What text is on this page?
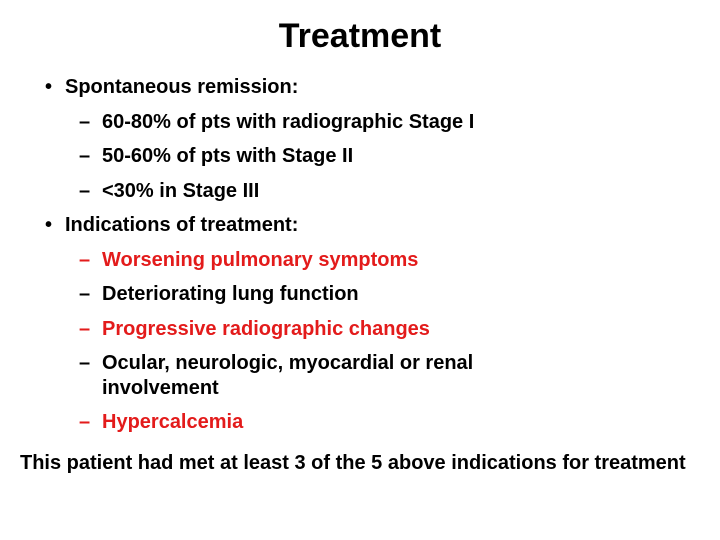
Treatment
• Spontaneous remission:
– 60-80% of pts with radiographic Stage I
– 50-60% of pts with Stage II
– <30% in Stage III
• Indications of treatment:
– Worsening pulmonary symptoms
– Deteriorating lung function
– Progressive radiographic changes
– Ocular, neurologic, myocardial or renal
involvement
– Hypercalcemia
This patient had met at least 3 of the 5 above indications for treatment
